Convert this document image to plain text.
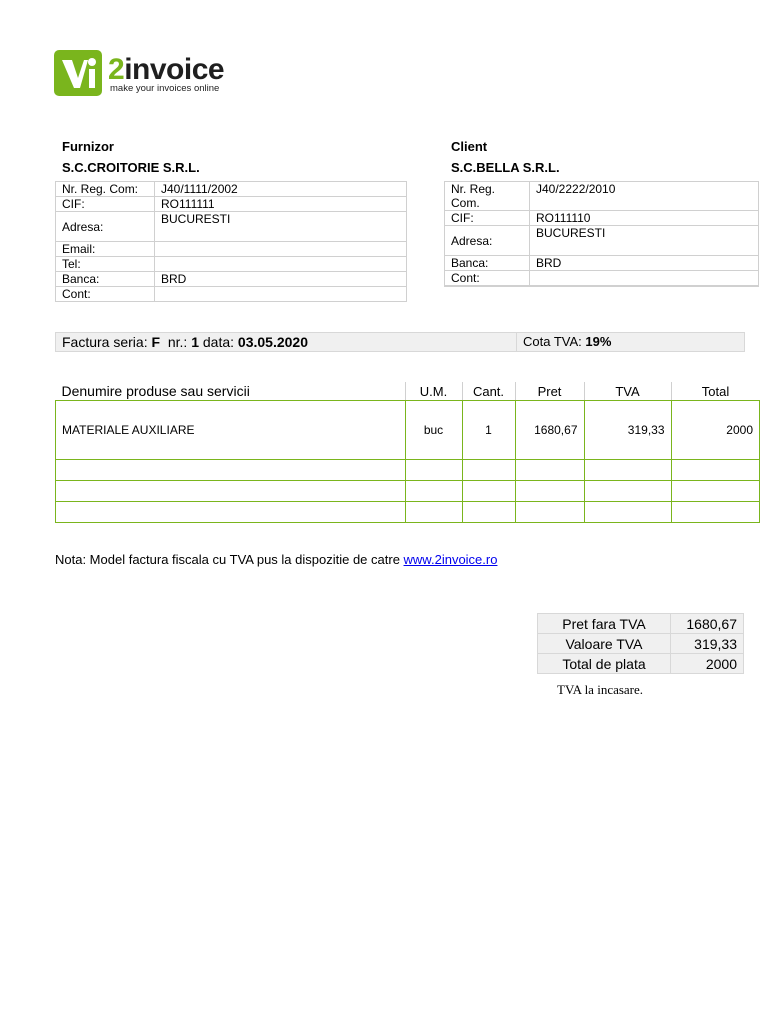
2invoice
make your invoices online
Furnizor
S.C.CROITORIE S.R.L.
Nr. Reg. Com:	J40/1111/2002
CIF:	RO111111
Adresa:	BUCURESTI
Email:	
Tel:	
Banca:	BRD
Cont:	
Client
S.C.BELLA S.R.L.
Nr. Reg. Com.	J40/2222/2010
CIF:	RO111110
Adresa:	BUCURESTI
Banca:	BRD
Cont:	

Factura seria: F nr.: 1 data: 03.05.2020	Cota TVA: 19%
Denumire produse sau servicii	U.M.	Cant.	Pret	TVA	Total
MATERIALE AUXILIARE	buc	1	1680,67	319,33	2000

Nota: Model factura fiscala cu TVA pus la dispozitie de catre www.2invoice.ro
Pret fara TVA	1680,67
Valoare TVA	319,33
Total de plata	2000
TVA la incasare.
